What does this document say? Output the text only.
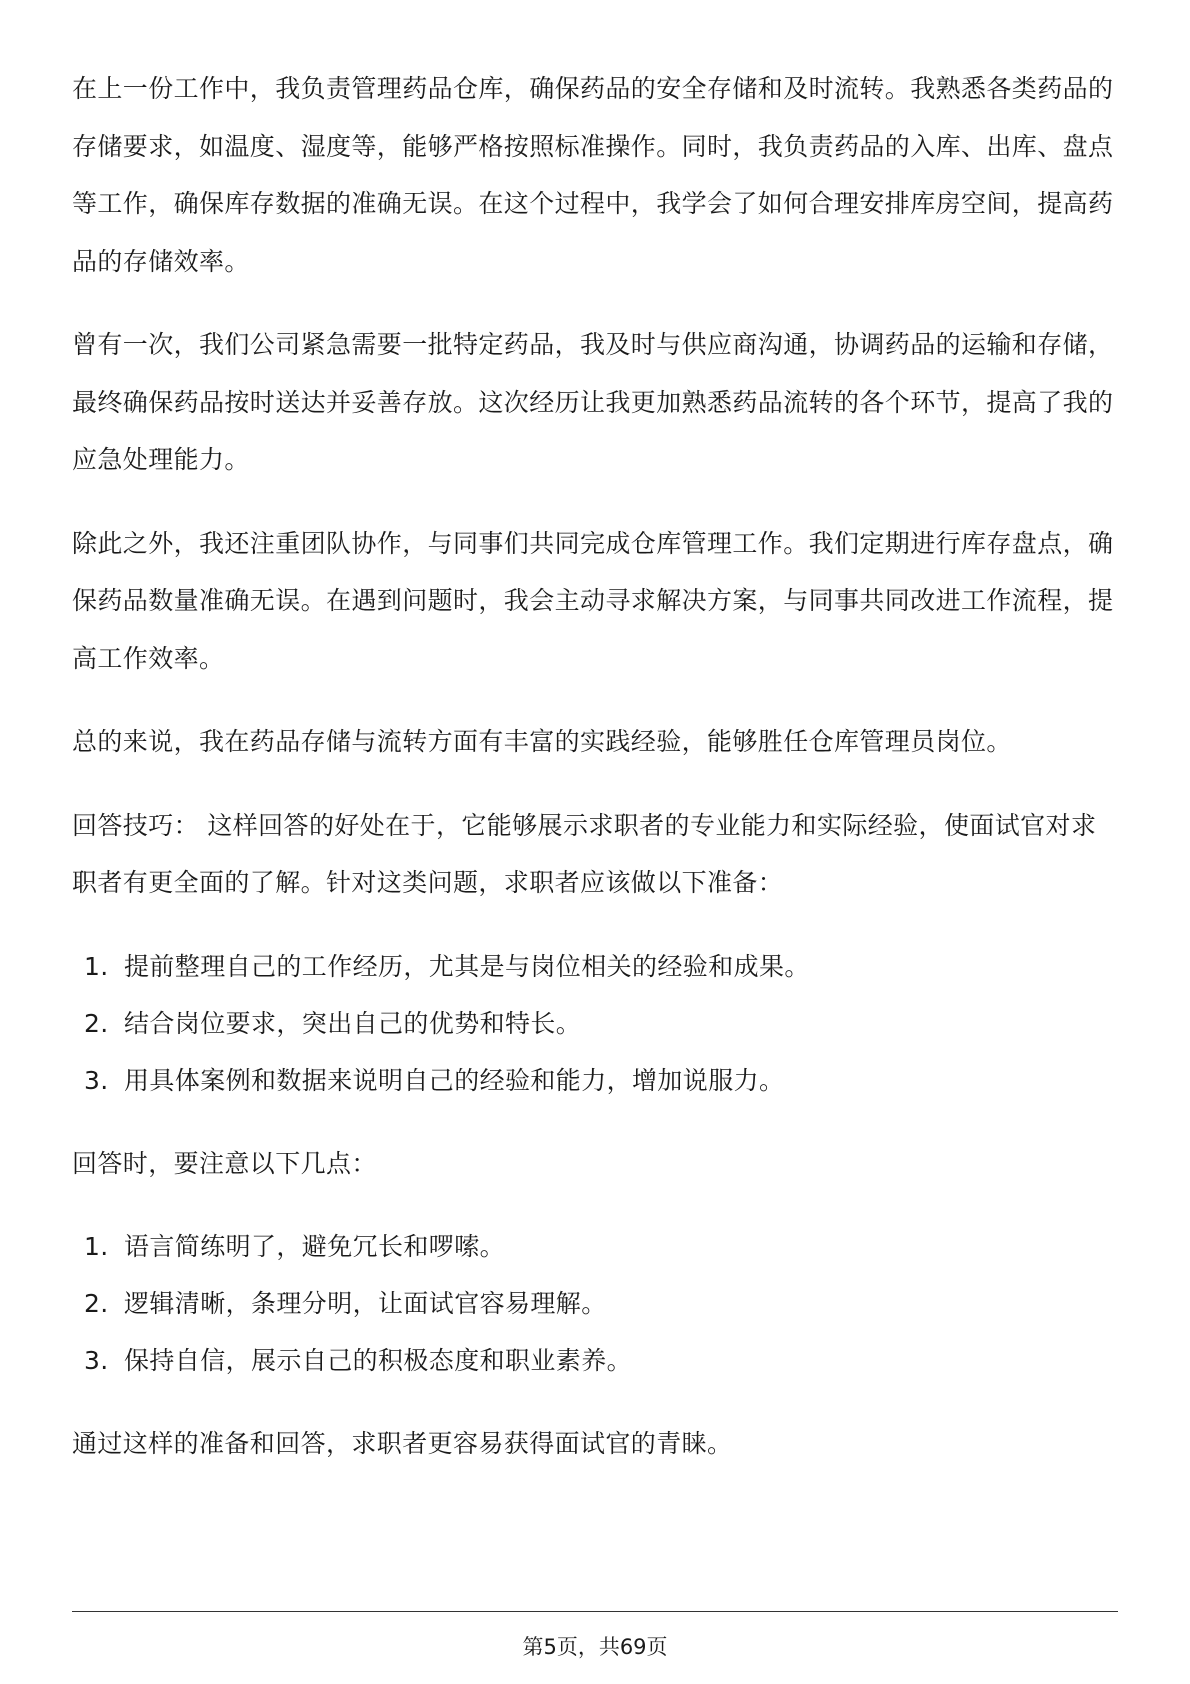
在上一份工作中，我负责管理药品仓库，确保药品的安全存储和及时流转。我熟悉各类药品的存储要求，如温度、湿度等，能够严格按照标准操作。同时，我负责药品的入库、出库、盘点等工作，确保库存数据的准确无误。在这个过程中，我学会了如何合理安排库房空间，提高药品的存储效率。

曾有一次，我们公司紧急需要一批特定药品，我及时与供应商沟通，协调药品的运输和存储，最终确保药品按时送达并妥善存放。这次经历让我更加熟悉药品流转的各个环节，提高了我的应急处理能力。

除此之外，我还注重团队协作，与同事们共同完成仓库管理工作。我们定期进行库存盘点，确保药品数量准确无误。在遇到问题时，我会主动寻求解决方案，与同事共同改进工作流程，提高工作效率。

总的来说，我在药品存储与流转方面有丰富的实践经验，能够胜任仓库管理员岗位。

回答技巧： 这样回答的好处在于，它能够展示求职者的专业能力和实际经验，使面试官对求职者有更全面的了解。针对这类问题，求职者应该做以下准备：

1. 提前整理自己的工作经历，尤其是与岗位相关的经验和成果。
2. 结合岗位要求，突出自己的优势和特长。
3. 用具体案例和数据来说明自己的经验和能力，增加说服力。

回答时，要注意以下几点：

1. 语言简练明了，避免冗长和啰嗦。
2. 逻辑清晰，条理分明，让面试官容易理解。
3. 保持自信，展示自己的积极态度和职业素养。

通过这样的准备和回答，求职者更容易获得面试官的青睐。

第5页，共69页
